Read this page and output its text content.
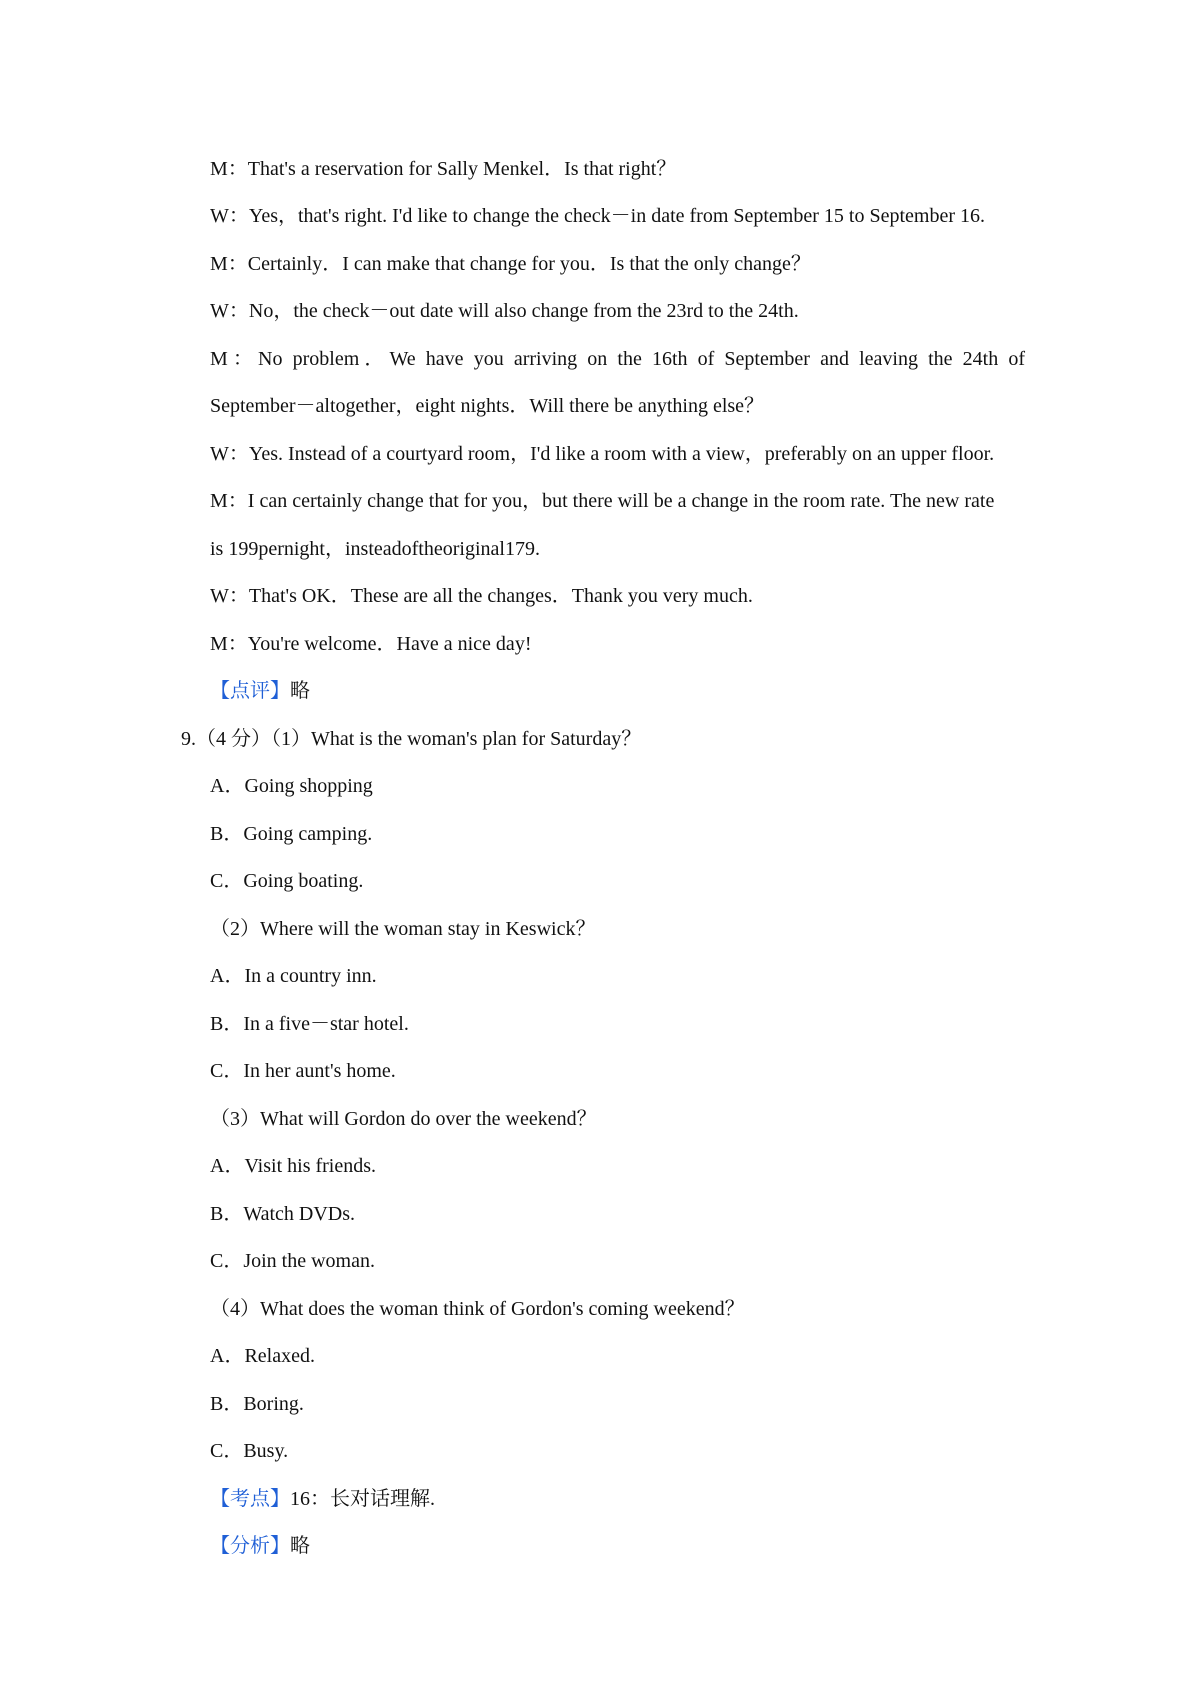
M：That's a reservation for Sally Menkel．Is that right？
W：Yes，that's right. I'd like to change the check－in date from September 15 to September 16.
M：Certainly．I can make that change for you．Is that the only change？
W：No，the check－out date will also change from the 23rd to the 24th.
M：No problem．We have you arriving on the 16th of September and leaving the 24th of
September－altogether，eight nights．Will there be anything else？
W：Yes. Instead of a courtyard room，I'd like a room with a view，preferably on an upper floor.
M：I can certainly change that for you，but there will be a change in the room rate. The new rate
is 199pernight，insteadoftheoriginal179.
W：That's OK．These are all the changes．Thank you very much.
M：You're welcome．Have a nice day!
【点评】略
9.（4 分）（1）What is the woman's plan for Saturday？
A．Going shopping
B．Going camping.
C．Going boating.
（2）Where will the woman stay in Keswick？
A．In a country inn.
B．In a five－star hotel.
C．In her aunt's home.
（3）What will Gordon do over the weekend？
A．Visit his friends.
B．Watch DVDs.
C．Join the woman.
（4）What does the woman think of Gordon's coming weekend？
A．Relaxed.
B．Boring.
C．Busy.
【考点】16：长对话理解.
【分析】略
